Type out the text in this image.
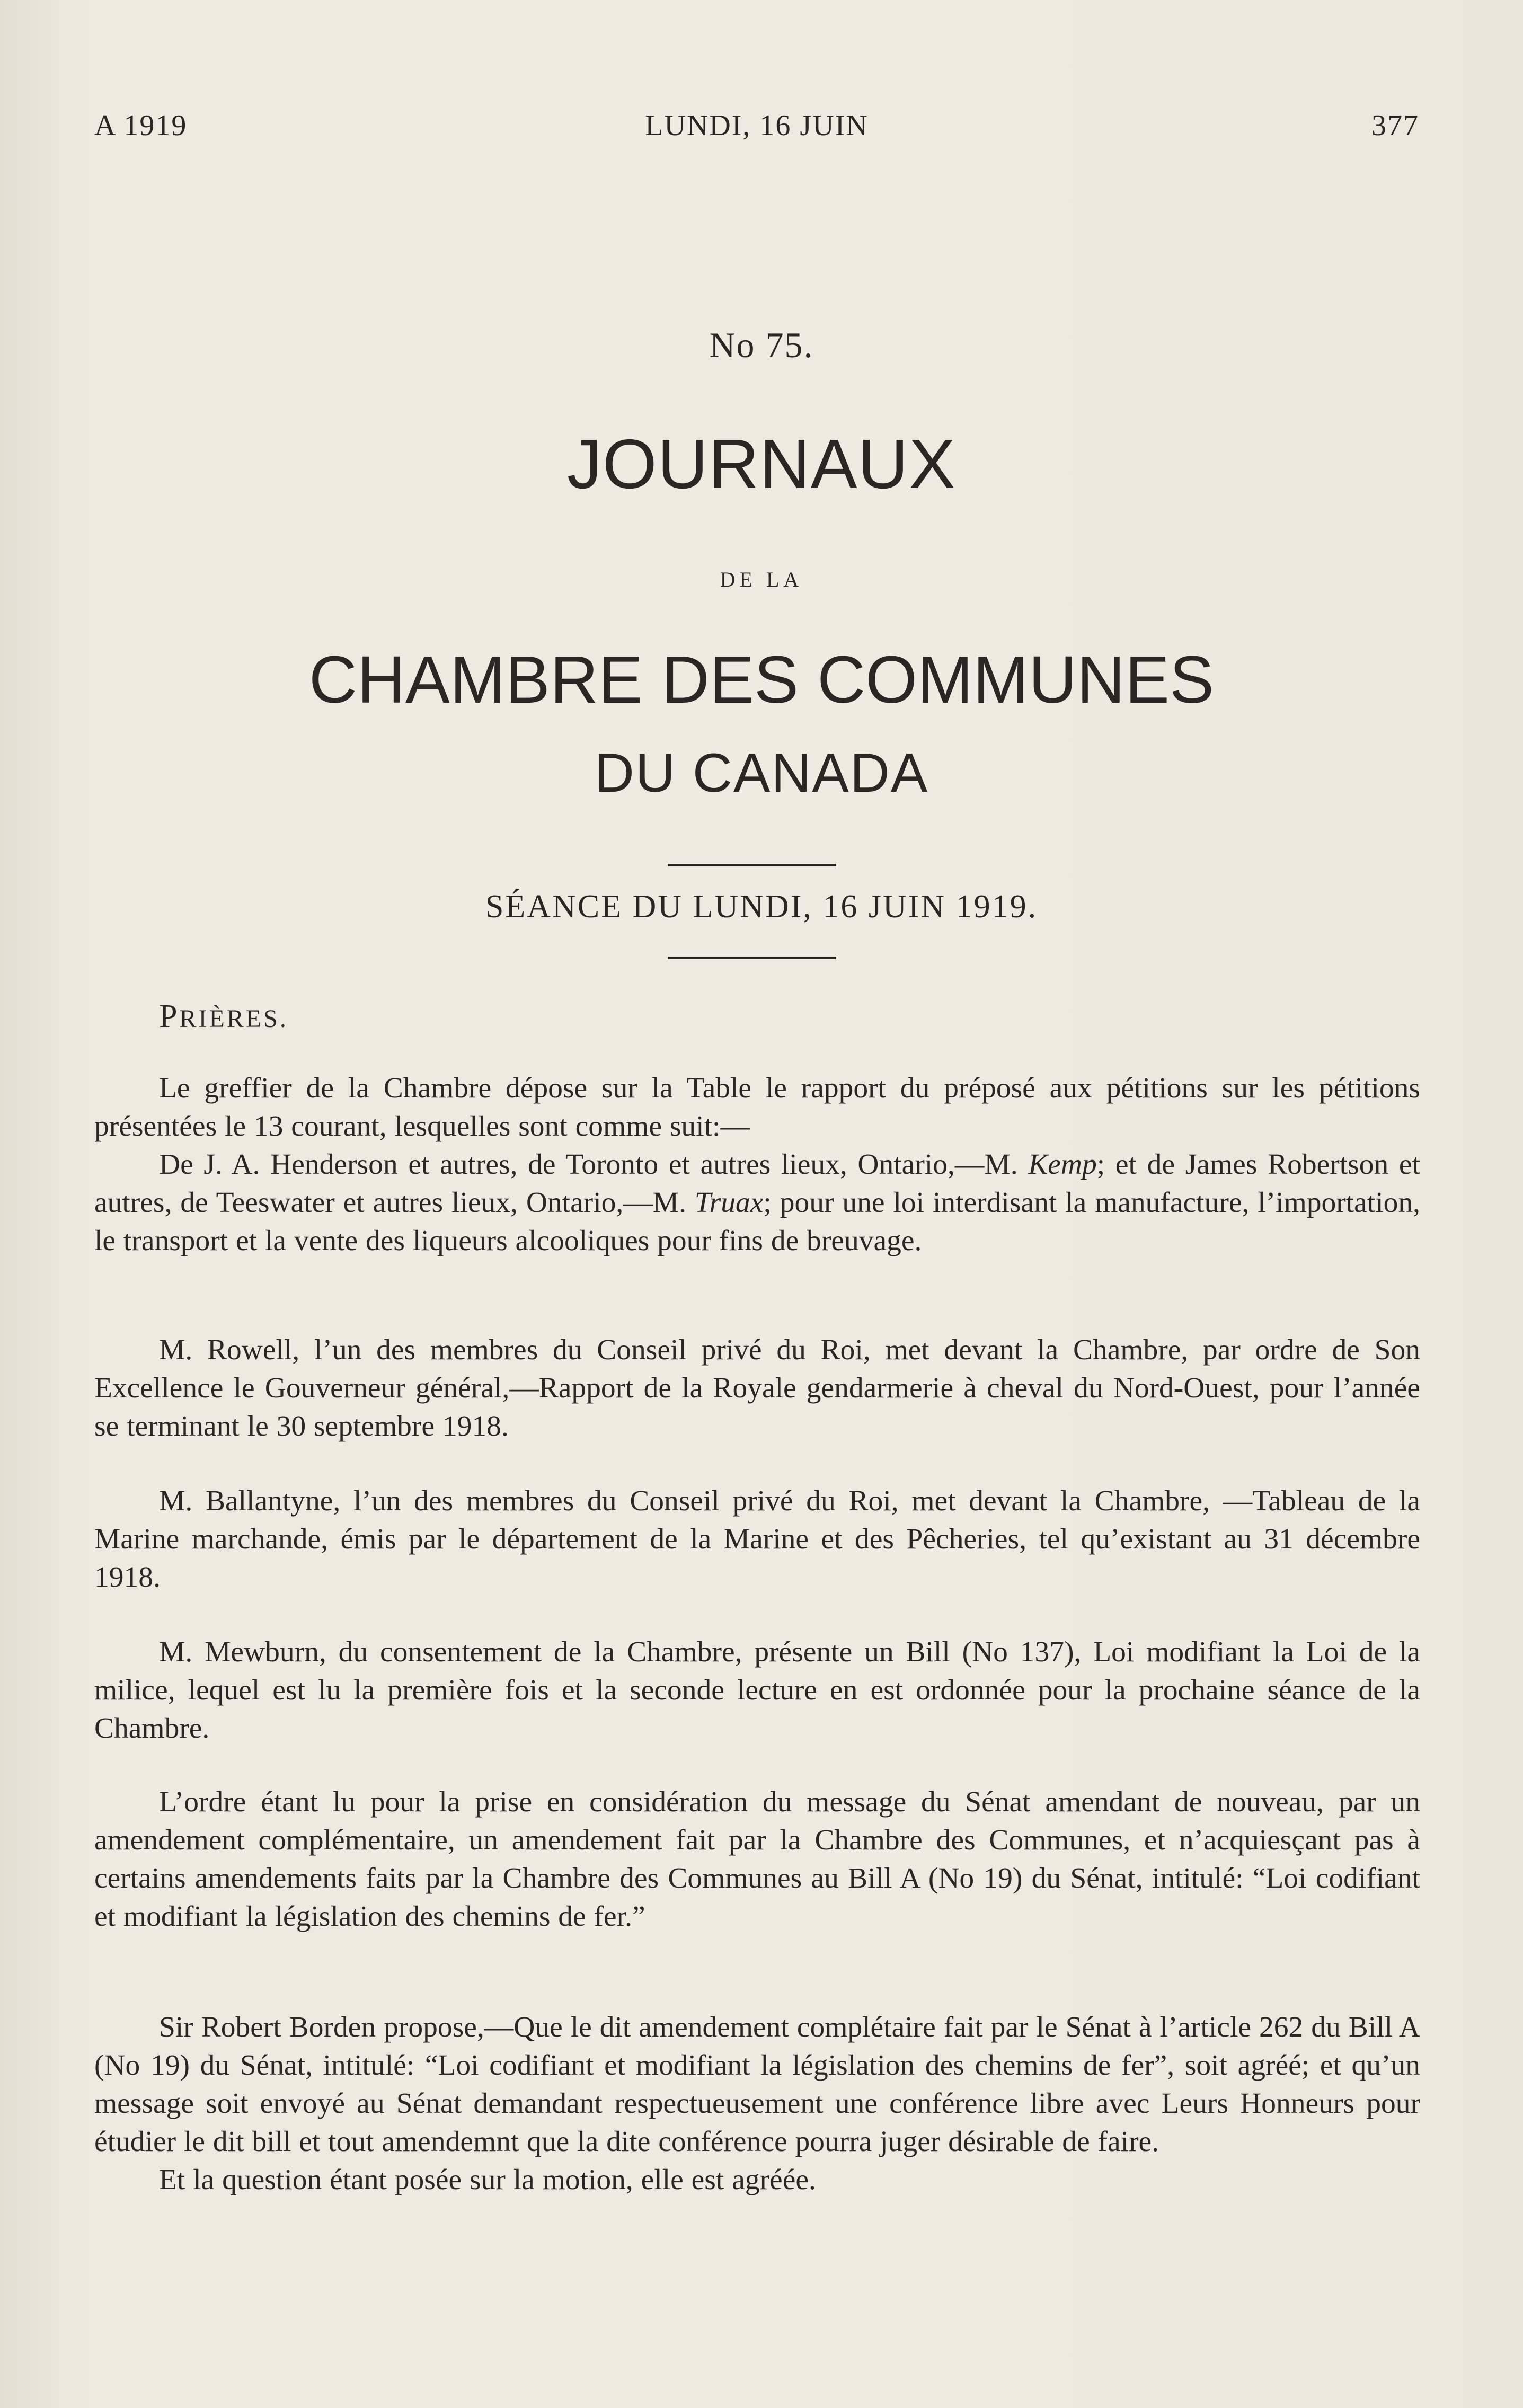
A 1919	LUNDI, 16 JUIN	377
No 75.
JOURNAUX
DE LA
CHAMBRE DES COMMUNES
DU CANADA
SÉANCE DU LUNDI, 16 JUIN 1919.
PRIÈRES.

Le greffier de la Chambre dépose sur la Table le rapport du préposé aux pétitions sur les pétitions présentées le 13 courant, lesquelles sont comme suit:—

De J. A. Henderson et autres, de Toronto et autres lieux, Ontario,—M. Kemp; et de James Robertson et autres, de Teeswater et autres lieux, Ontario,—M. Truax; pour une loi interdisant la manufacture, l’importation, le transport et la vente des liqueurs alcooliques pour fins de breuvage.

M. Rowell, l’un des membres du Conseil privé du Roi, met devant la Chambre, par ordre de Son Excellence le Gouverneur général,—Rapport de la Royale gendarmerie à cheval du Nord-Ouest, pour l’année se terminant le 30 septembre 1918.

M. Ballantyne, l’un des membres du Conseil privé du Roi, met devant la Chambre, —Tableau de la Marine marchande, émis par le département de la Marine et des Pêcheries, tel qu’existant au 31 décembre 1918.

M. Mewburn, du consentement de la Chambre, présente un Bill (No 137), Loi modifiant la Loi de la milice, lequel est lu la première fois et la seconde lecture en est ordonnée pour la prochaine séance de la Chambre.

L’ordre étant lu pour la prise en considération du message du Sénat amendant de nouveau, par un amendement complémentaire, un amendement fait par la Chambre des Communes, et n’acquiesçant pas à certains amendements faits par la Chambre des Communes au Bill A (No 19) du Sénat, intitulé: “Loi codifiant et modifiant la législation des chemins de fer.”

Sir Robert Borden propose,—Que le dit amendement complétaire fait par le Sénat à l’article 262 du Bill A (No 19) du Sénat, intitulé: “Loi codifiant et modifiant la législation des chemins de fer”, soit agréé; et qu’un message soit envoyé au Sénat demandant respectueusement une conférence libre avec Leurs Honneurs pour étudier le dit bill et tout amendemnt que la dite conférence pourra juger désirable de faire.

Et la question étant posée sur la motion, elle est agréée.
